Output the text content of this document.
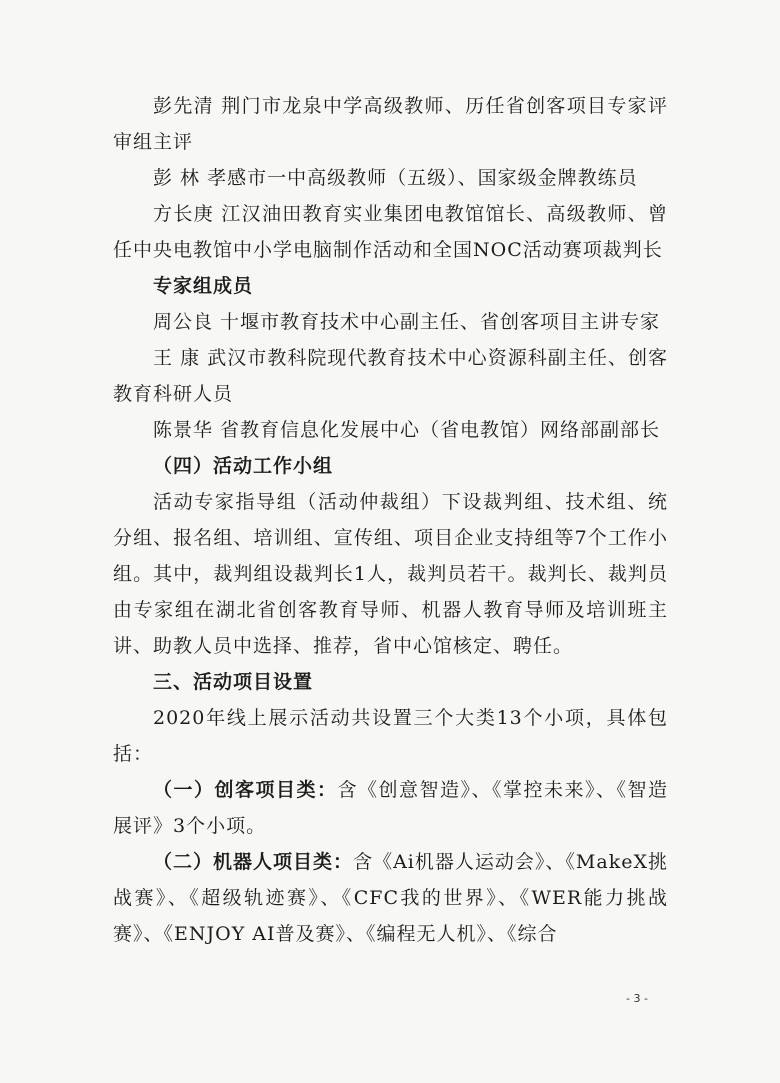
彭先清 荆门市龙泉中学高级教师、历任省创客项目专家评审组主评

彭 林 孝感市一中高级教师（五级）、国家级金牌教练员

方长庚 江汉油田教育实业集团电教馆馆长、高级教师、曾任中央电教馆中小学电脑制作活动和全国NOC活动赛项裁判长

专家组成员

周公良 十堰市教育技术中心副主任、省创客项目主讲专家

王 康 武汉市教科院现代教育技术中心资源科副主任、创客教育科研人员

陈景华 省教育信息化发展中心（省电教馆）网络部副部长

（四）活动工作小组

活动专家指导组（活动仲裁组）下设裁判组、技术组、统分组、报名组、培训组、宣传组、项目企业支持组等7个工作小组。其中，裁判组设裁判长1人，裁判员若干。裁判长、裁判员由专家组在湖北省创客教育导师、机器人教育导师及培训班主讲、助教人员中选择、推荐，省中心馆核定、聘任。

三、活动项目设置

2020年线上展示活动共设置三个大类13个小项，具体包括：

（一）创客项目类：含《创意智造》、《掌控未来》、《智造展评》3个小项。

（二）机器人项目类：含《Ai机器人运动会》、《MakeX挑战赛》、《超级轨迹赛》、《CFC我的世界》、《WER能力挑战赛》、《ENJOY AI普及赛》、《编程无人机》、《综合

- 3 -
